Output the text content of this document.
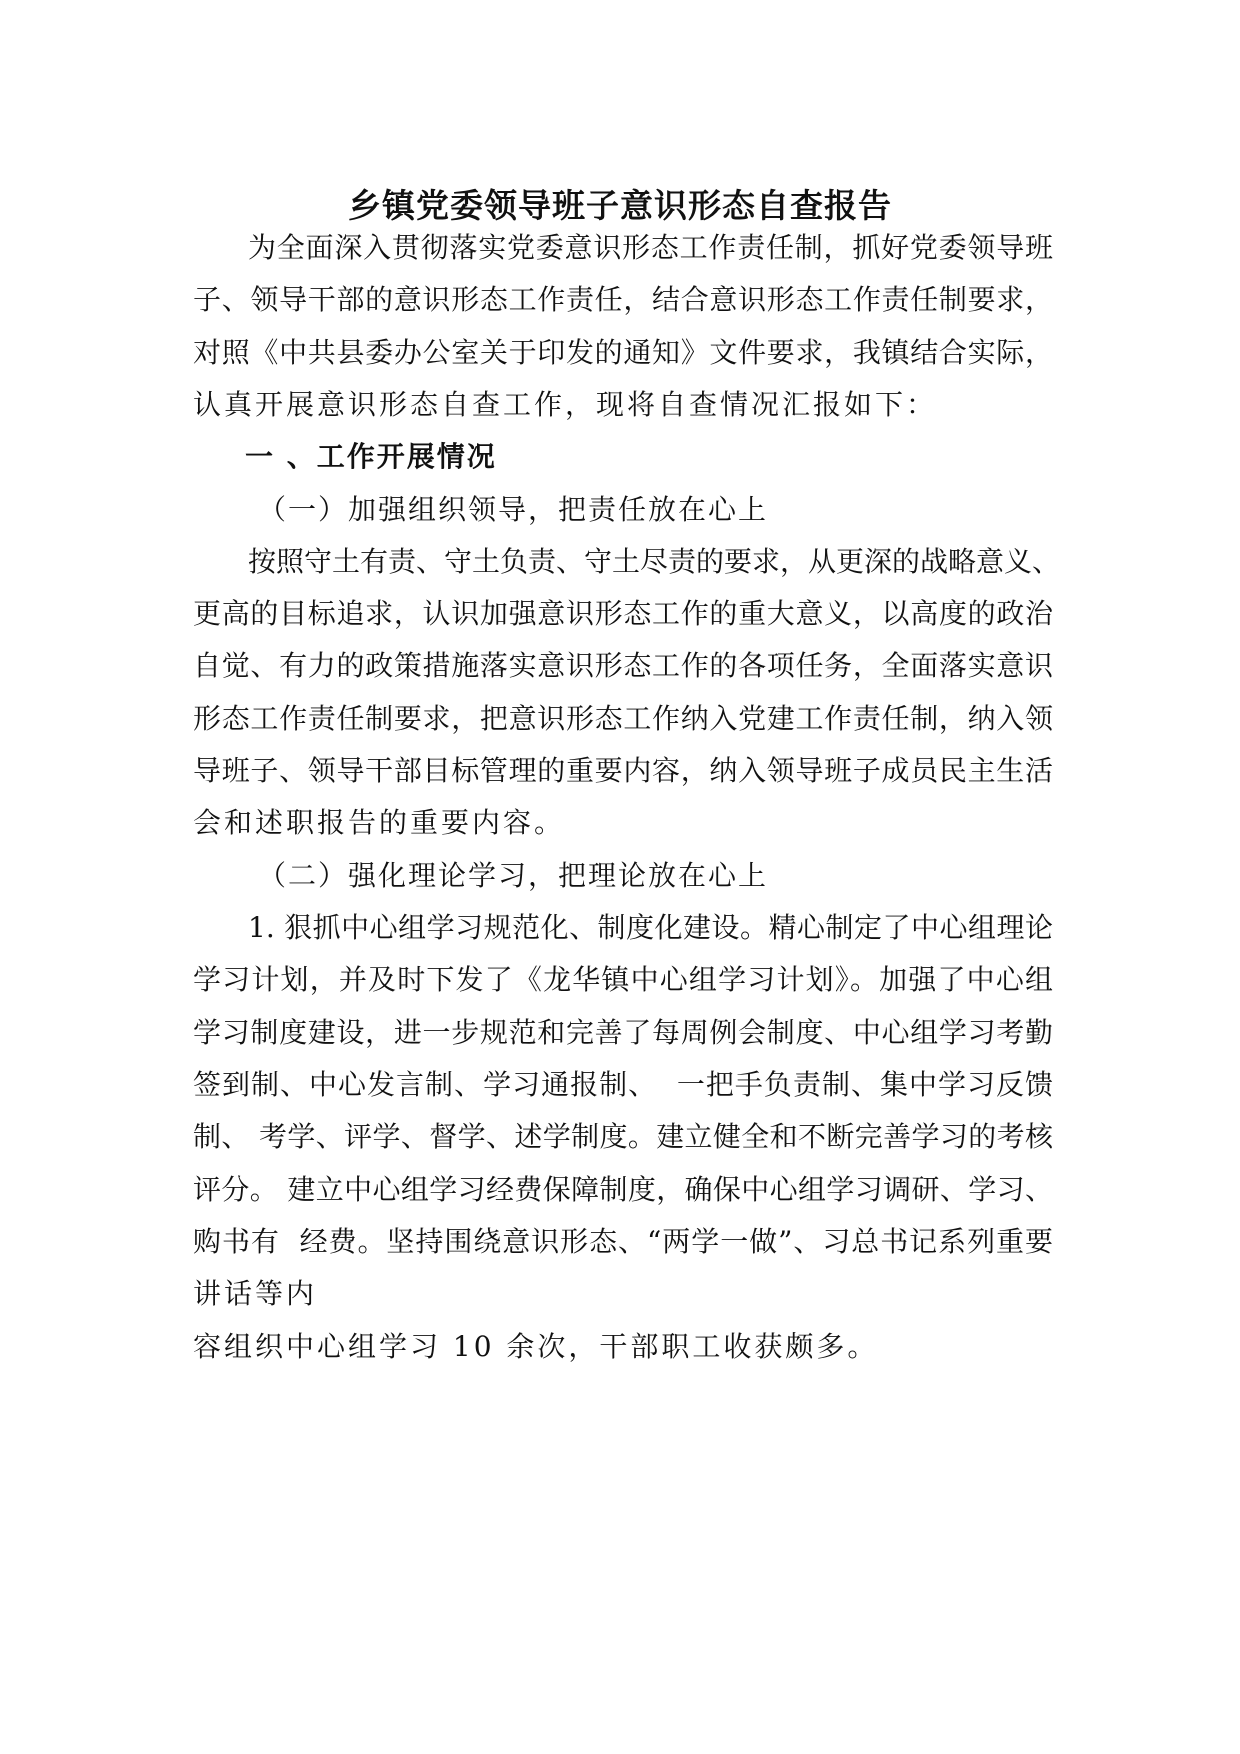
乡镇党委领导班子意识形态自查报告

为全面深入贯彻落实党委意识形态工作责任制，抓好党委领导班

子、领导干部的意识形态工作责任，结合意识形态工作责任制要求，

对照《中共县委办公室关于印发的通知》文件要求，我镇结合实际，

认真开展意识形态自查工作，现将自查情况汇报如下：

一 、工作开展情况

（一）加强组织领导，把责任放在心上

按照守土有责、守土负责、守土尽责的要求，从更深的战略意义、

更高的目标追求，认识加强意识形态工作的重大意义，以高度的政治

自觉、有力的政策措施落实意识形态工作的各项任务，全面落实意识

形态工作责任制要求，把意识形态工作纳入党建工作责任制，纳入领

导班子、领导干部目标管理的重要内容，纳入领导班子成员民主生活

会和述职报告的重要内容。

（二）强化理论学习，把理论放在心上

1. 狠抓中心组学习规范化、制度化建设。精心制定了中心组理论

学习计划，并及时下发了《龙华镇中心组学习计划》。加强了中心组

学习制度建设，进一步规范和完善了每周例会制度、中心组学习考勤

签到制、中心发言制、学习通报制、  一把手负责制、集中学习反馈

制、 考学、评学、督学、述学制度。建立健全和不断完善学习的考核

评分。 建立中心组学习经费保障制度，确保中心组学习调研、学习、

购书有  经费。坚持围绕意识形态、“两学一做”、习总书记系列重要

讲话等内

容组织中心组学习 10 余次，干部职工收获颇多。
